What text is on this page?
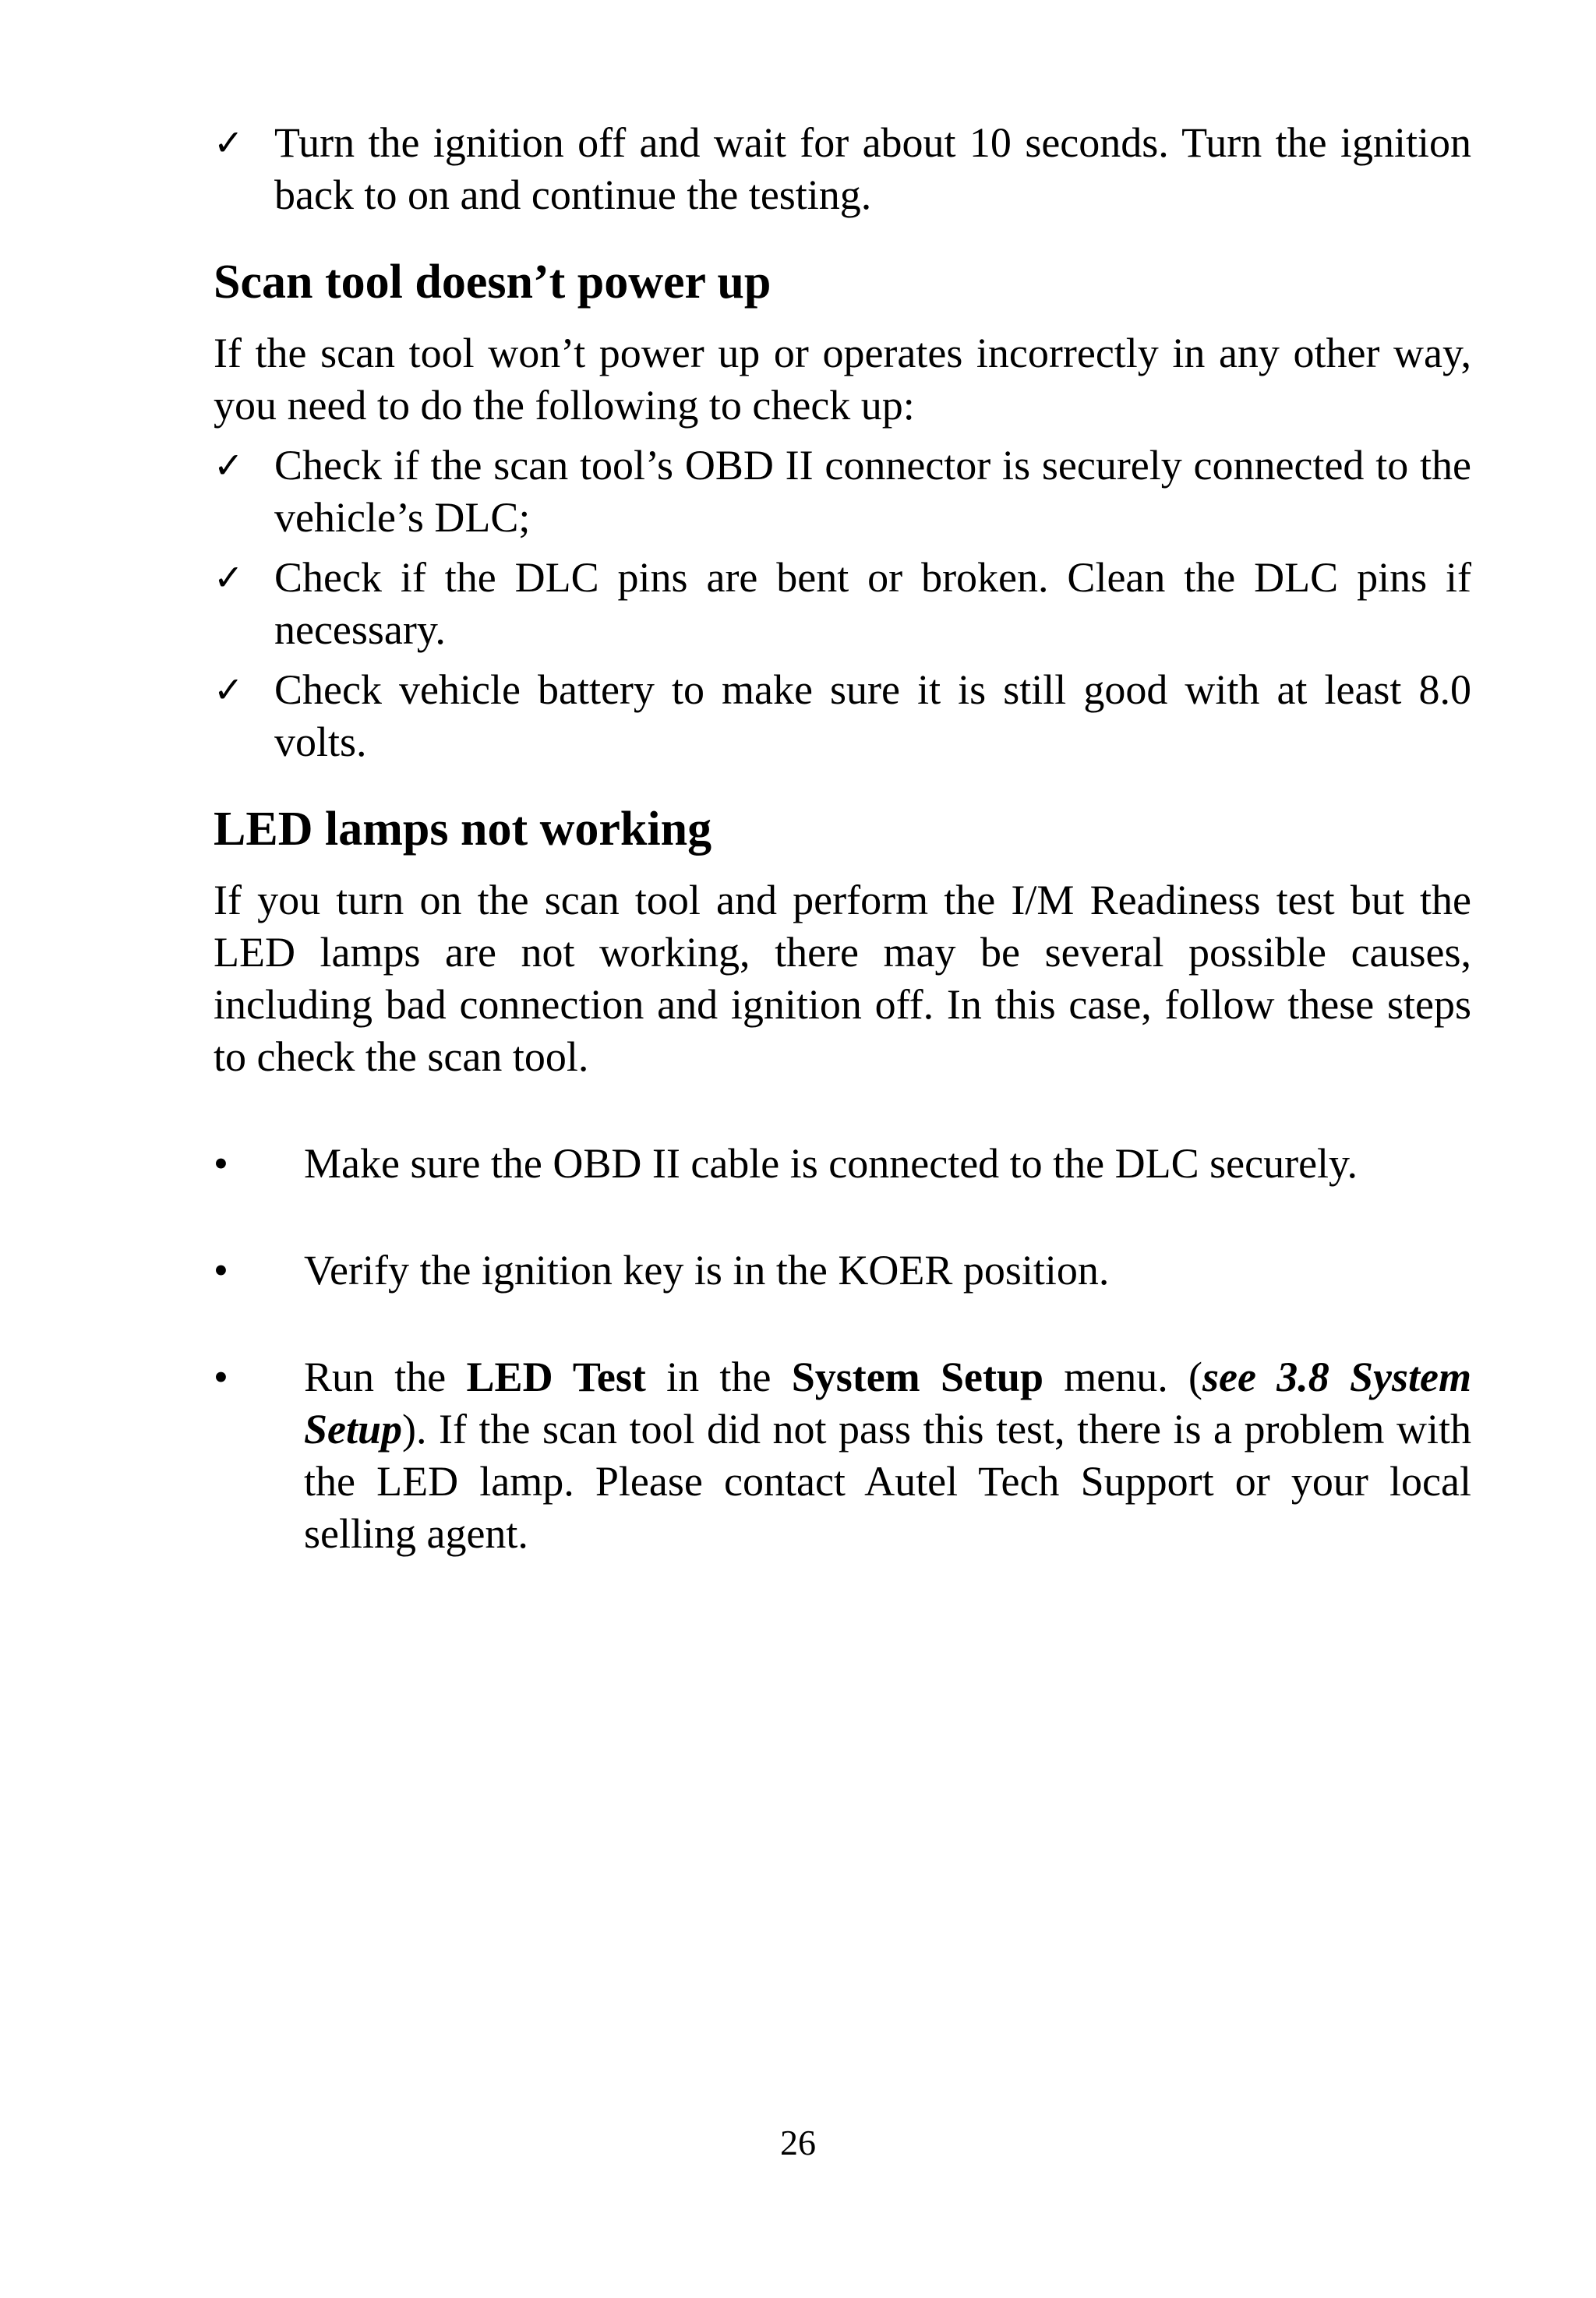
✓ Turn the ignition off and wait for about 10 seconds. Turn the ignition back to on and continue the testing.
Scan tool doesn’t power up

If the scan tool won’t power up or operates incorrectly in any other way, you need to do the following to check up:

✓ Check if the scan tool’s OBD II connector is securely connected to the vehicle’s DLC;
✓ Check if the DLC pins are bent or broken. Clean the DLC pins if necessary.
✓ Check vehicle battery to make sure it is still good with at least 8.0 volts.
LED lamps not working

If you turn on the scan tool and perform the I/M Readiness test but the LED lamps are not working, there may be several possible causes, including bad connection and ignition off. In this case, follow these steps to check the scan tool.

•	Make sure the OBD II cable is connected to the DLC securely.
•	Verify the ignition key is in the KOER position.
•	Run the LED Test in the System Setup menu. (see 3.8 System Setup). If the scan tool did not pass this test, there is a problem with the LED lamp. Please contact Autel Tech Support or your local selling agent.
26
